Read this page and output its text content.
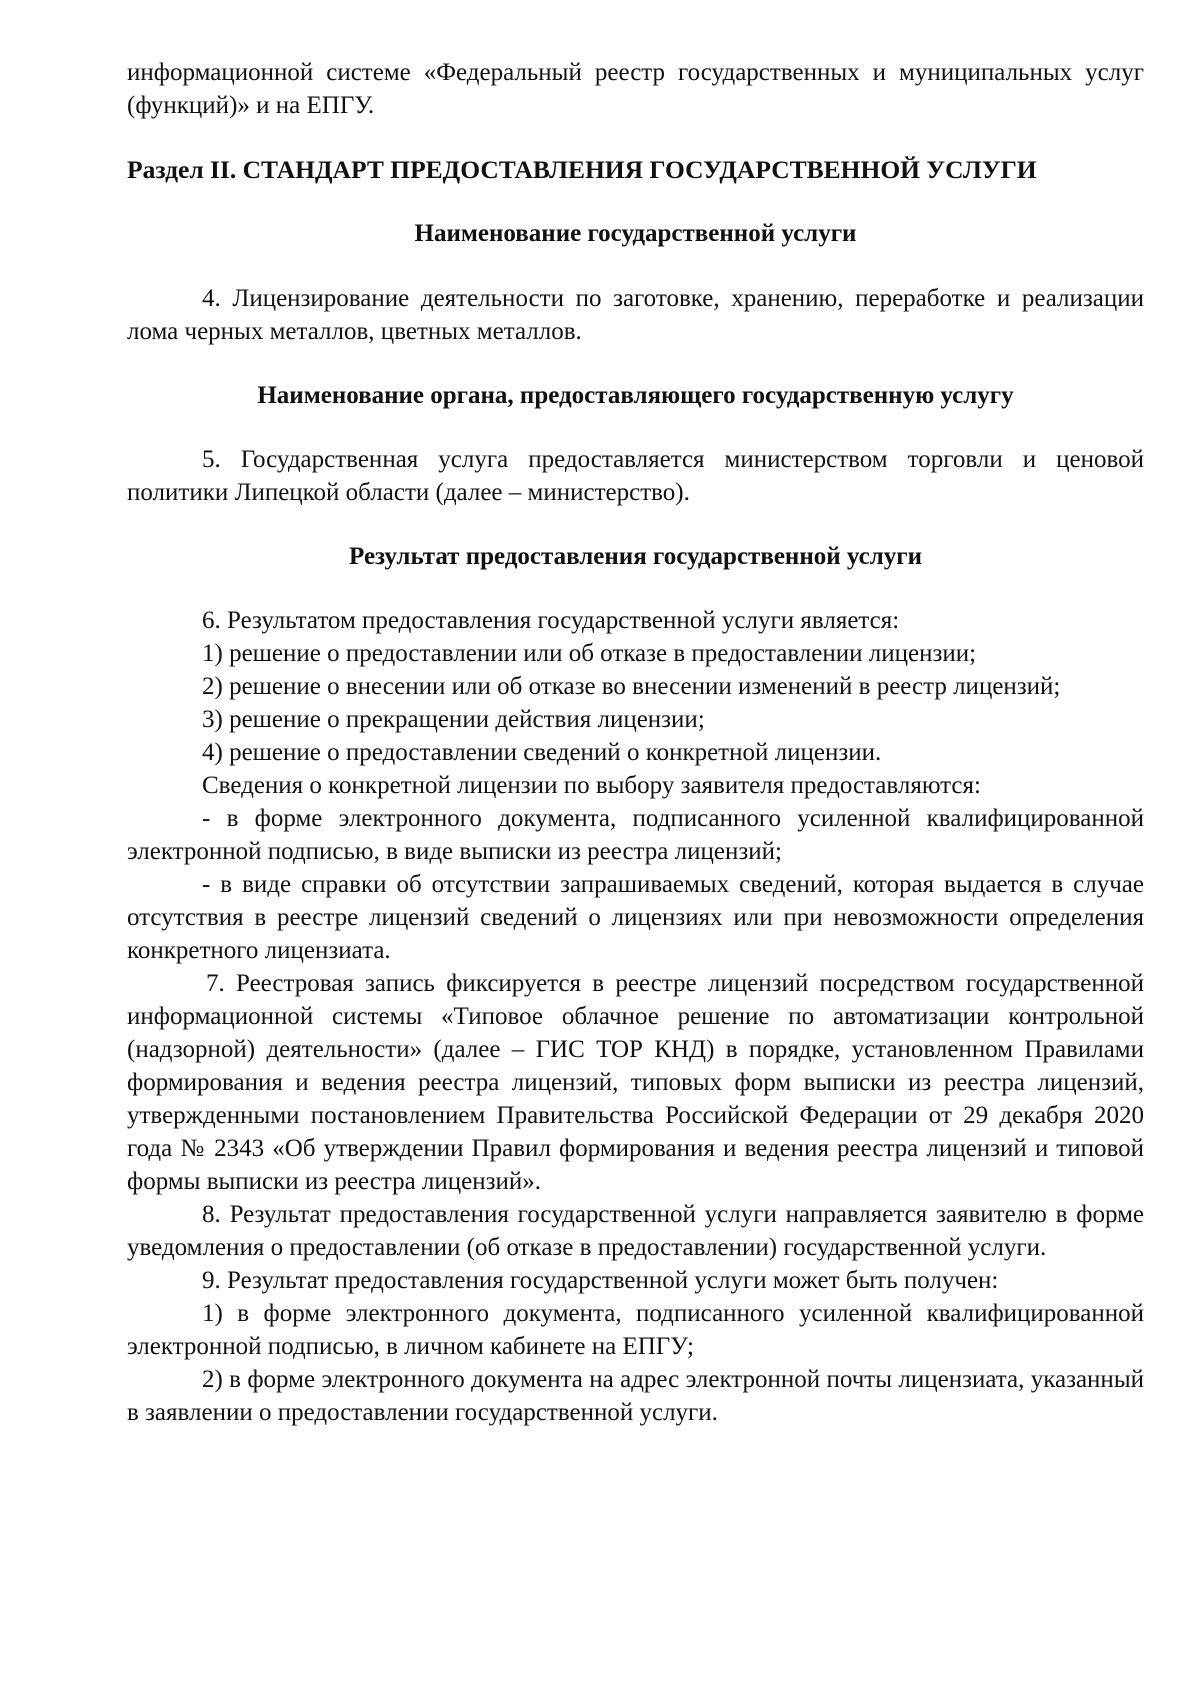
информационной системе «Федеральный реестр государственных и муниципальных услуг (функций)» и на ЕПГУ.

Раздел II. СТАНДАРТ ПРЕДОСТАВЛЕНИЯ ГОСУДАРСТВЕННОЙ УСЛУГИ

Наименование государственной услуги

4. Лицензирование деятельности по заготовке, хранению, переработке и реализации лома черных металлов, цветных металлов.

Наименование органа, предоставляющего государственную услугу

5. Государственная услуга предоставляется министерством торговли и ценовой политики Липецкой области (далее – министерство).

Результат предоставления государственной услуги

6. Результатом предоставления государственной услуги является:

1) решение о предоставлении или об отказе в предоставлении лицензии;

2) решение о внесении или об отказе во внесении изменений в реестр лицензий;

3) решение о прекращении действия лицензии;

4) решение о предоставлении сведений о конкретной лицензии.

Сведения о конкретной лицензии по выбору заявителя предоставляются:

- в форме электронного документа, подписанного усиленной квалифицированной электронной подписью, в виде выписки из реестра лицензий;

- в виде справки об отсутствии запрашиваемых сведений, которая выдается в случае отсутствия в реестре лицензий сведений о лицензиях или при невозможности определения конкретного лицензиата.

7. Реестровая запись фиксируется в реестре лицензий посредством государственной информационной системы «Типовое облачное решение по автоматизации контрольной (надзорной) деятельности» (далее – ГИС ТОР КНД) в порядке, установленном Правилами формирования и ведения реестра лицензий, типовых форм выписки из реестра лицензий, утвержденными постановлением Правительства Российской Федерации от 29 декабря 2020 года № 2343 «Об утверждении Правил формирования и ведения реестра лицензий и типовой формы выписки из реестра лицензий».

8. Результат предоставления государственной услуги направляется заявителю в форме уведомления о предоставлении (об отказе в предоставлении) государственной услуги.

9. Результат предоставления государственной услуги может быть получен:

1) в форме электронного документа, подписанного усиленной квалифицированной электронной подписью, в личном кабинете на ЕПГУ;

2) в форме электронного документа на адрес электронной почты лицензиата, указанный в заявлении о предоставлении государственной услуги.
